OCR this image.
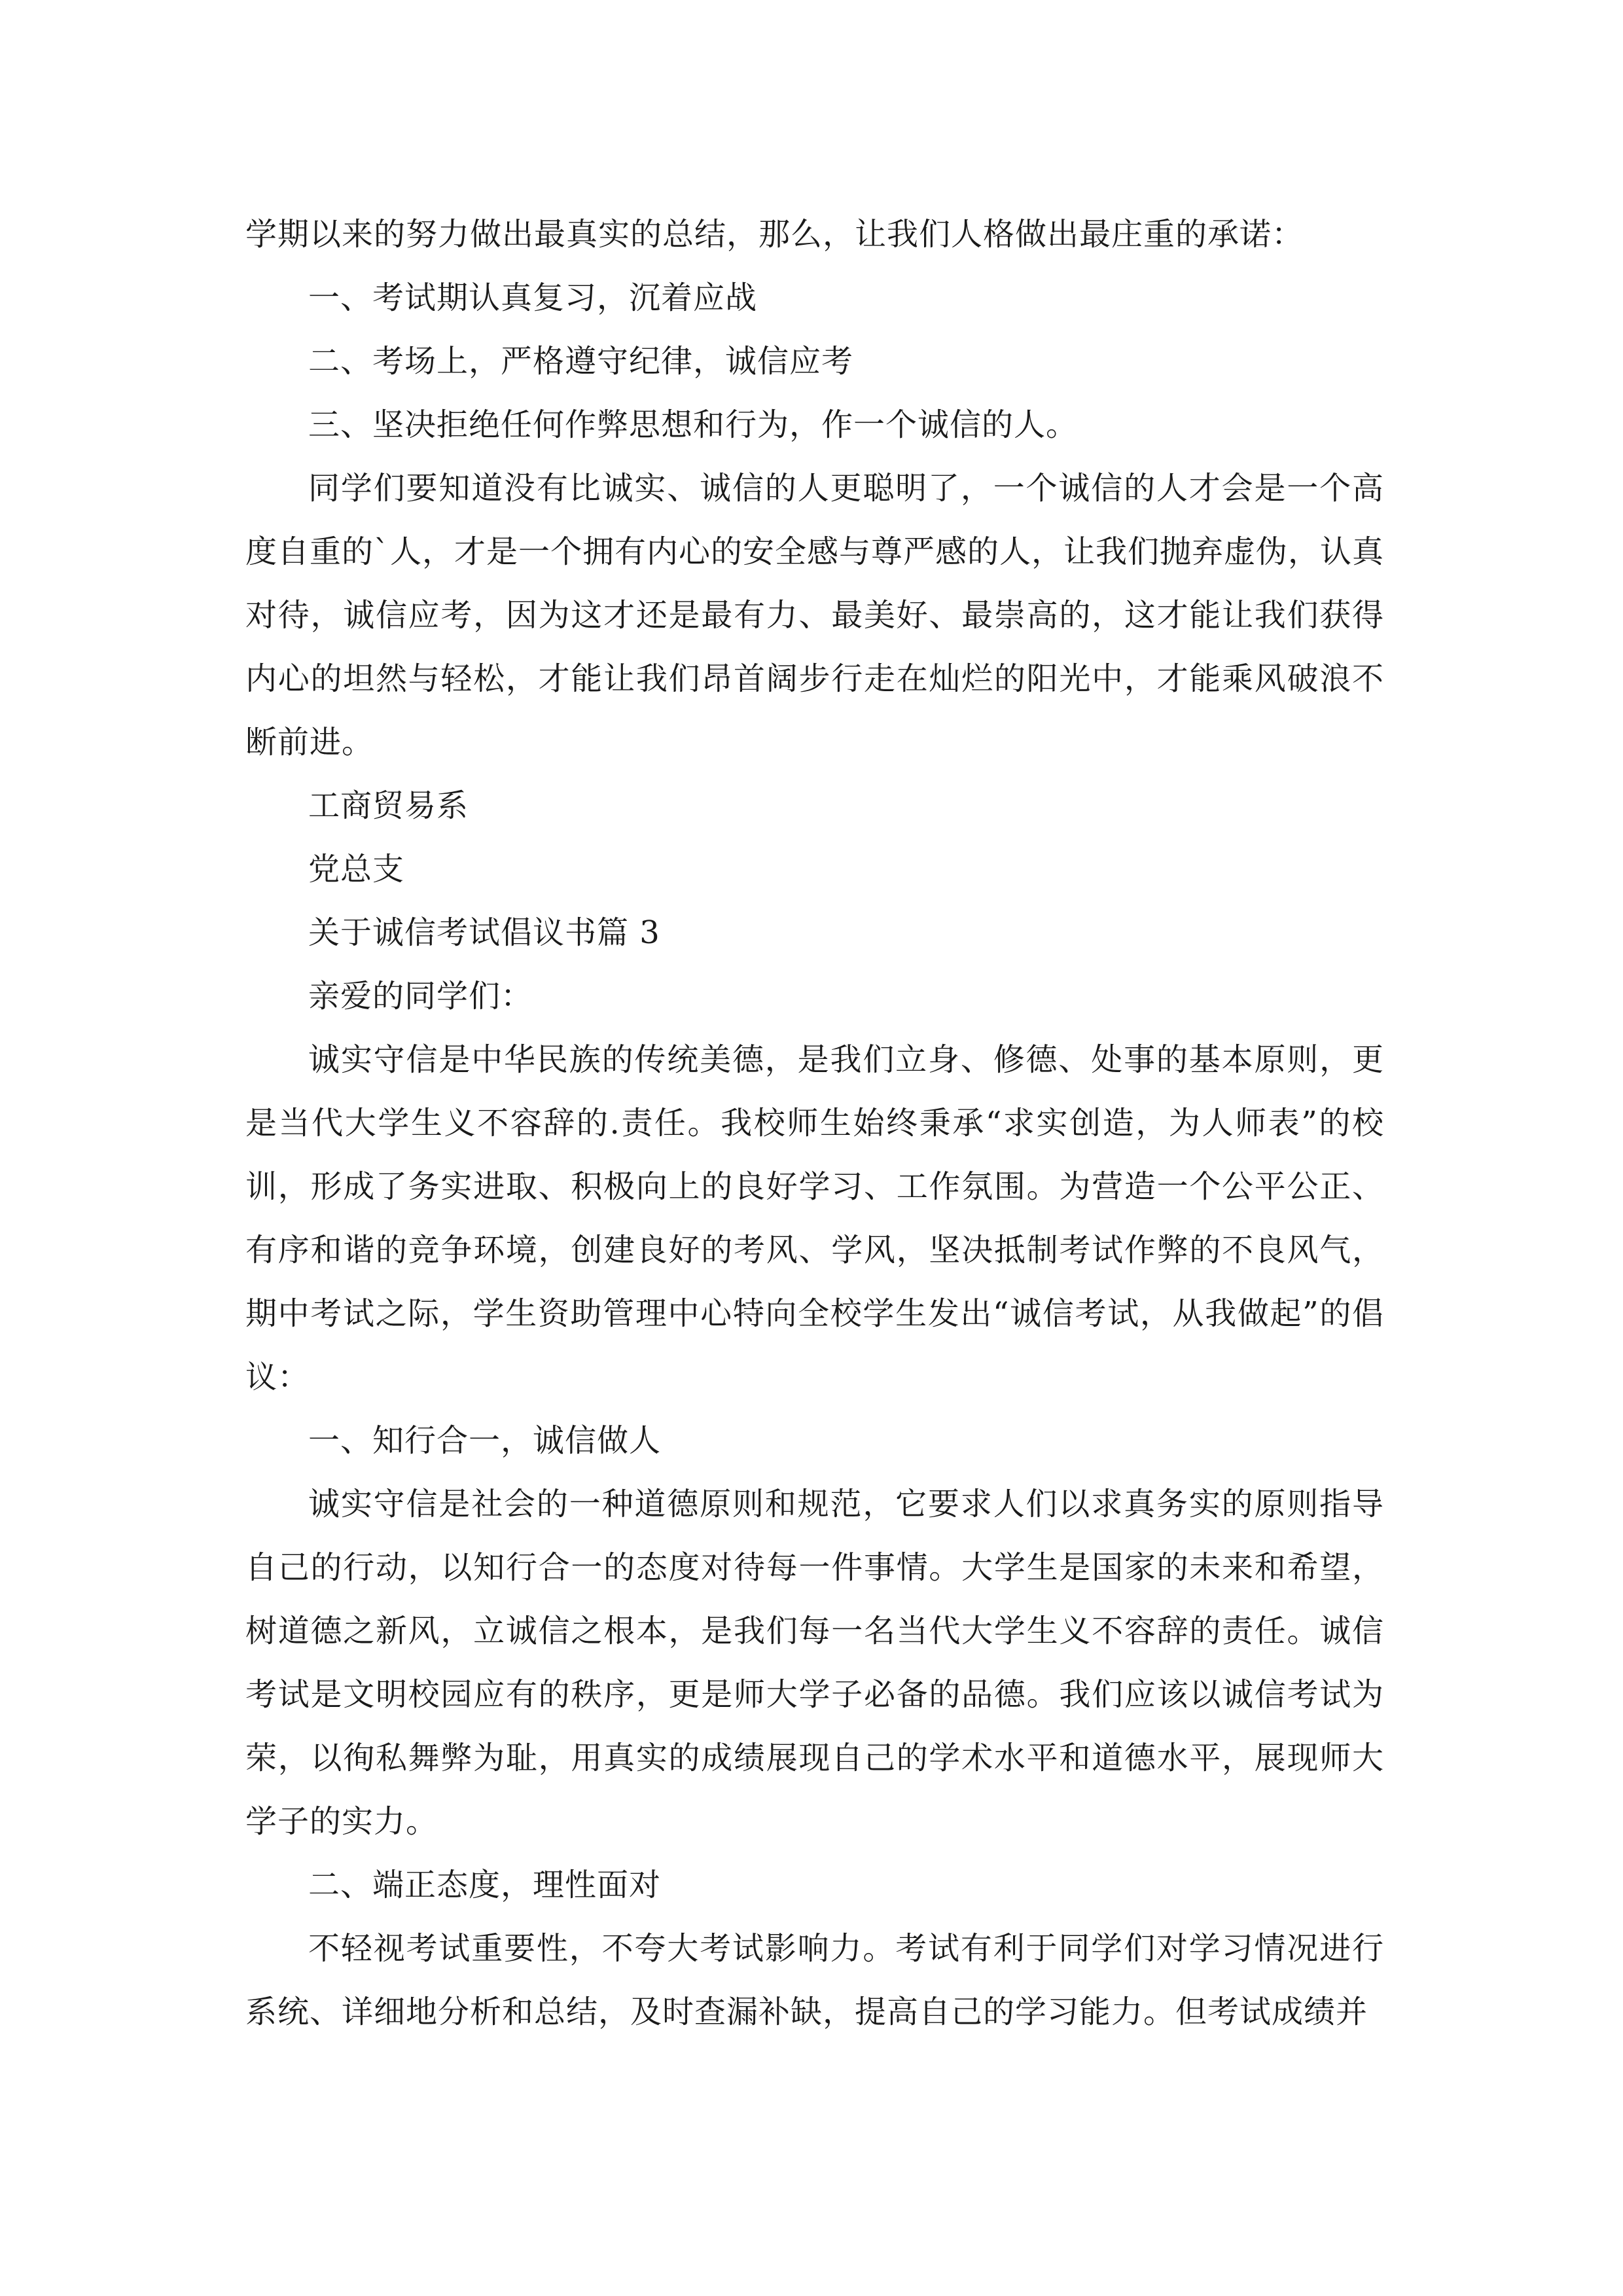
学期以来的努力做出最真实的总结，那么，让我们人格做出最庄重的承诺：

一、考试期认真复习，沉着应战

二、考场上，严格遵守纪律，诚信应考

三、坚决拒绝任何作弊思想和行为，作一个诚信的人。

同学们要知道没有比诚实、诚信的人更聪明了，一个诚信的人才会是一个高度自重的`人，才是一个拥有内心的安全感与尊严感的人，让我们抛弃虚伪，认真对待，诚信应考，因为这才还是最有力、最美好、最崇高的，这才能让我们获得内心的坦然与轻松，才能让我们昂首阔步行走在灿烂的阳光中，才能乘风破浪不断前进。

工商贸易系

党总支

关于诚信考试倡议书篇 3

亲爱的同学们：

诚实守信是中华民族的传统美德，是我们立身、修德、处事的基本原则，更是当代大学生义不容辞的.责任。我校师生始终秉承“求实创造，为人师表”的校训，形成了务实进取、积极向上的良好学习、工作氛围。为营造一个公平公正、有序和谐的竞争环境，创建良好的考风、学风，坚决抵制考试作弊的不良风气，期中考试之际，学生资助管理中心特向全校学生发出“诚信考试，从我做起”的倡议：

一、知行合一，诚信做人

诚实守信是社会的一种道德原则和规范，它要求人们以求真务实的原则指导自己的行动，以知行合一的态度对待每一件事情。大学生是国家的未来和希望，树道德之新风，立诚信之根本，是我们每一名当代大学生义不容辞的责任。诚信考试是文明校园应有的秩序，更是师大学子必备的品德。我们应该以诚信考试为荣，以徇私舞弊为耻，用真实的成绩展现自己的学术水平和道德水平，展现师大学子的实力。

二、端正态度，理性面对

不轻视考试重要性，不夸大考试影响力。考试有利于同学们对学习情况进行系统、详细地分析和总结，及时查漏补缺，提高自己的学习能力。但考试成绩并
